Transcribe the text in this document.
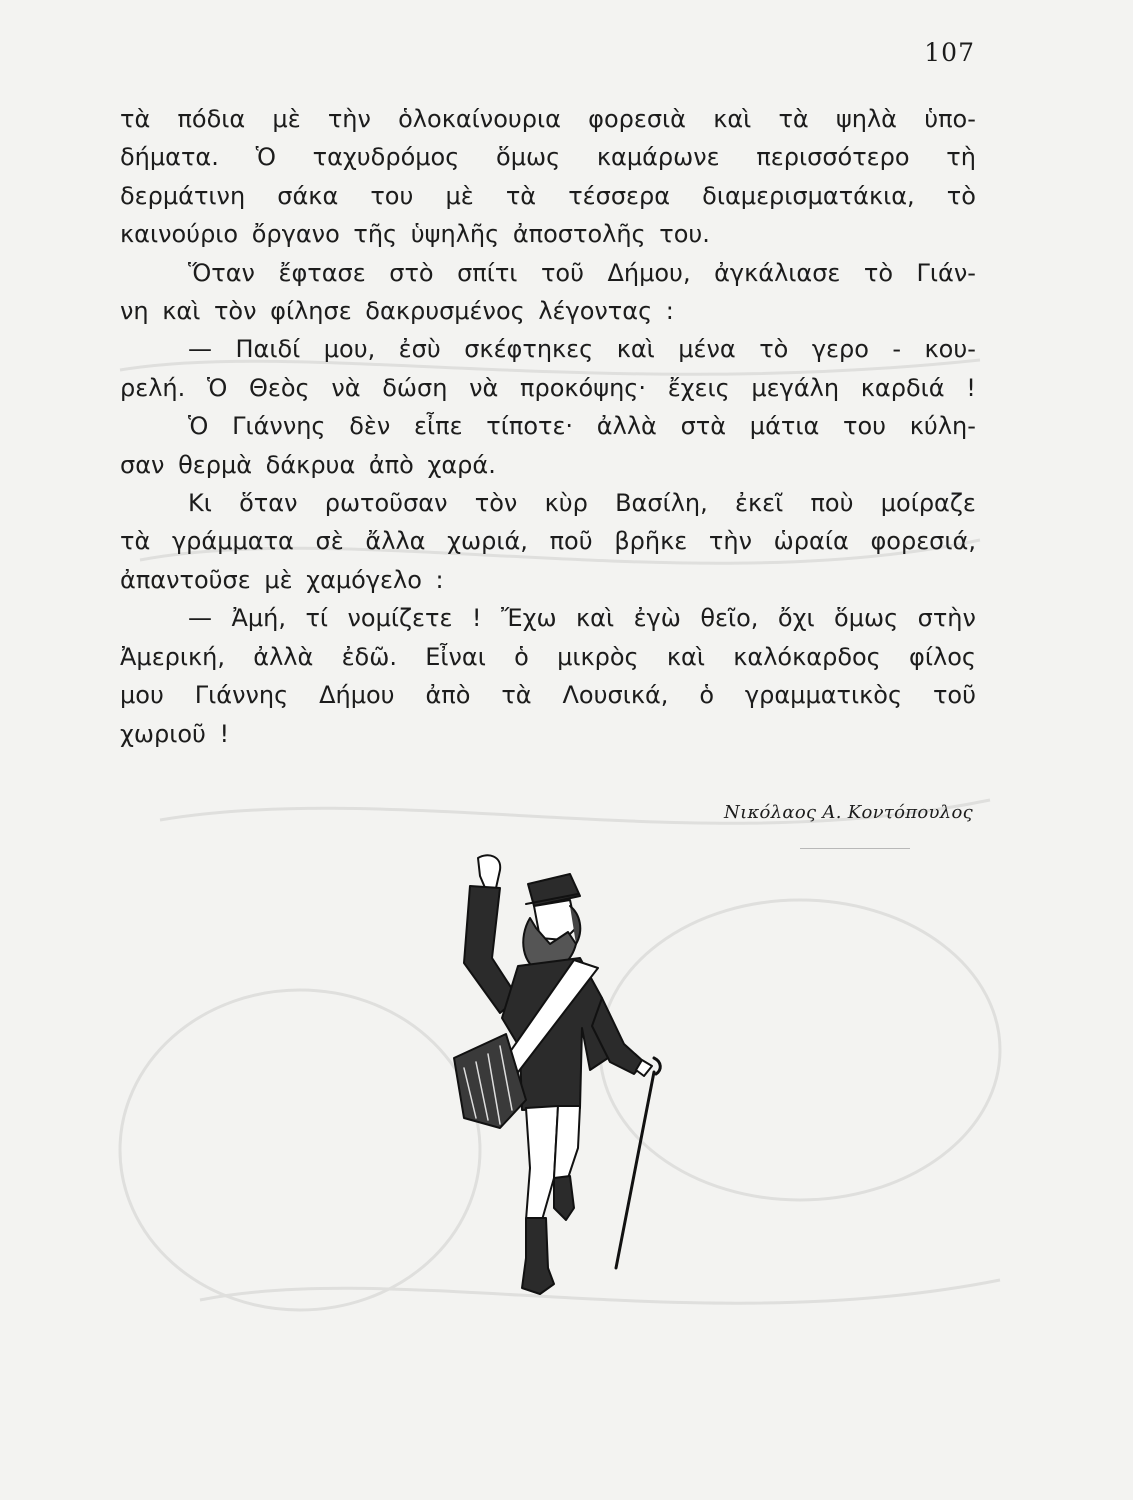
107
τὰ πόδια μὲ τὴν ὁλοκαίνουρια φορεσιὰ καὶ τὰ ψηλὰ ὑπο-
δήματα. Ὁ ταχυδρόμος ὅμως καμάρωνε περισσότερο τὴ
δερμάτινη σάκα του μὲ τὰ τέσσερα διαμερισματάκια, τὸ
καινούριο ὄργανο τῆς ὑψηλῆς ἀποστολῆς του.
Ὅταν ἔφτασε στὸ σπίτι τοῦ Δήμου, ἀγκάλιασε τὸ Γιάν-
νη καὶ τὸν φίλησε δακρυσμένος λέγοντας :
— Παιδί μου, ἐσὺ σκέφτηκες καὶ μένα τὸ γερο - κου-
ρελή. Ὁ Θεὸς νὰ δώση νὰ προκόψης· ἔχεις μεγάλη καρδιά !
Ὁ Γιάννης δὲν εἶπε τίποτε· ἀλλὰ στὰ μάτια του κύλη-
σαν θερμὰ δάκρυα ἀπὸ χαρά.
Κι ὅταν ρωτοῦσαν τὸν κὺρ Βασίλη, ἐκεῖ ποὺ μοίραζε
τὰ γράμματα σὲ ἄλλα χωριά, ποῦ βρῆκε τὴν ὡραία φορεσιά,
ἀπαντοῦσε μὲ χαμόγελο :
— Ἀμή, τί νομίζετε ! Ἔχω καὶ ἐγὼ θεῖο, ὄχι ὅμως στὴν
Ἀμερική, ἀλλὰ ἐδῶ. Εἶναι ὁ μικρὸς καὶ καλόκαρδος φίλος
μου Γιάννης Δήμου ἀπὸ τὰ Λουσικά, ὁ γραμματικὸς τοῦ
χωριοῦ !
Νικόλαος Α. Κοντόπουλος
